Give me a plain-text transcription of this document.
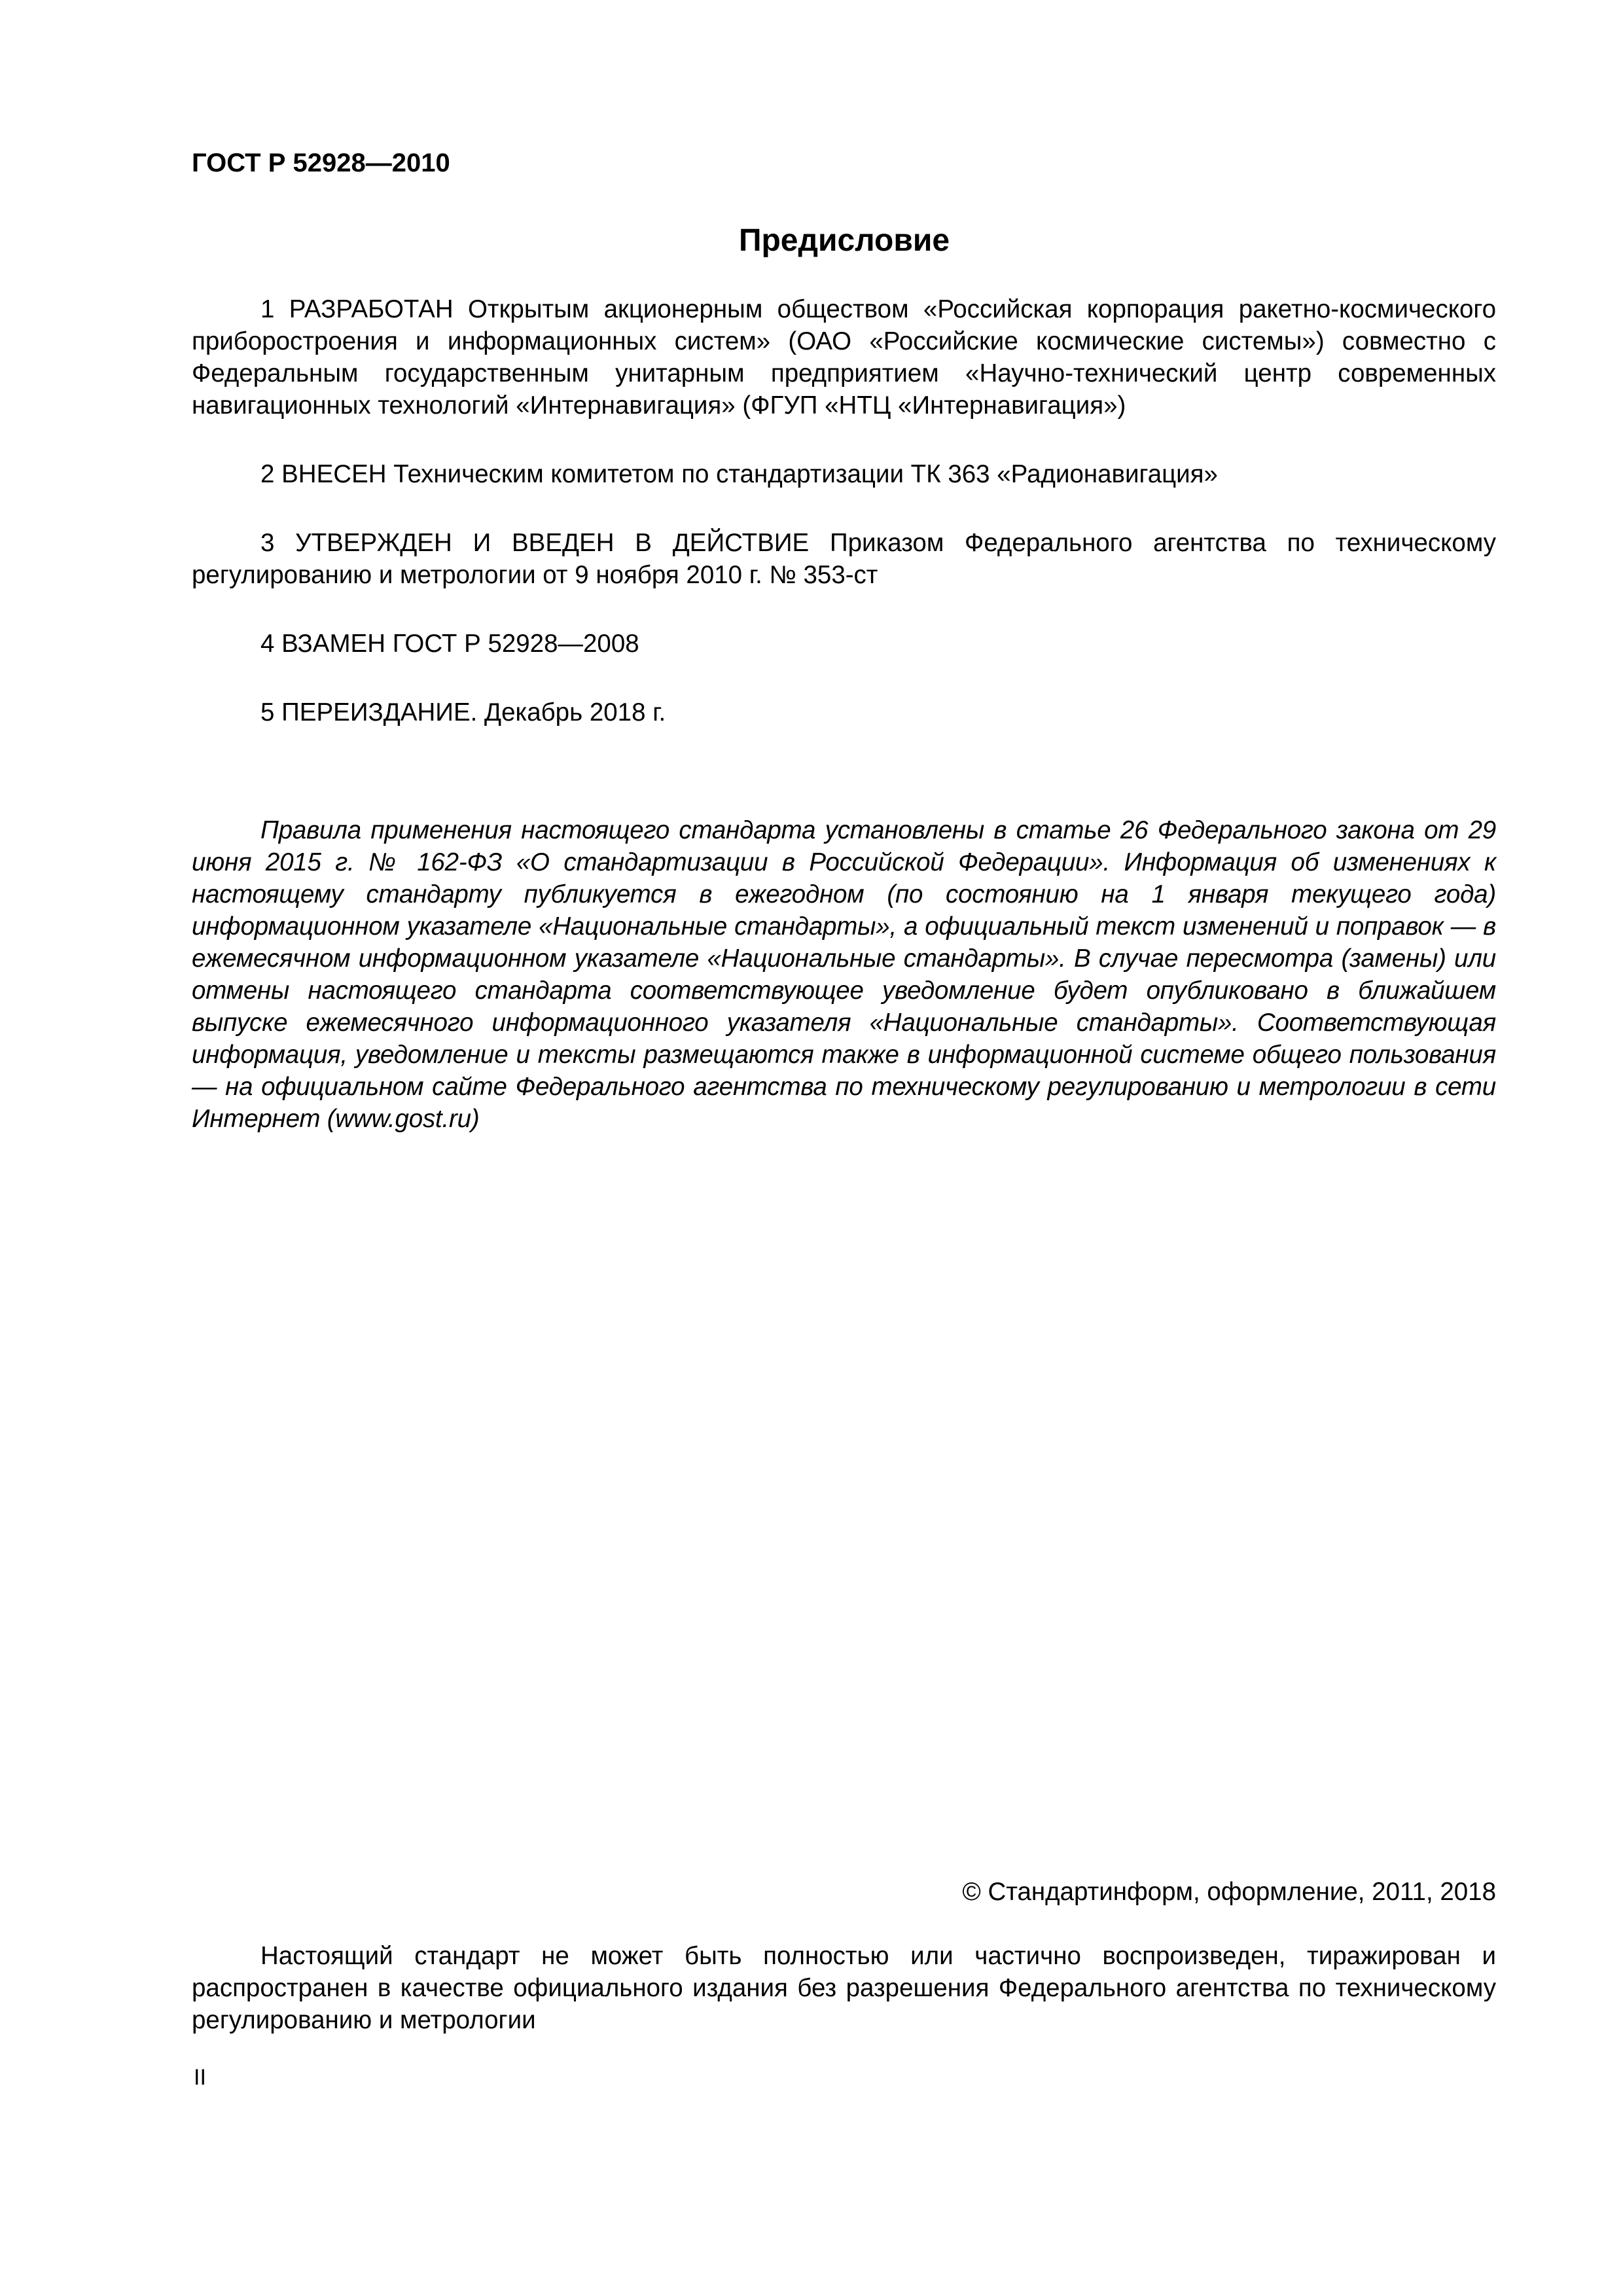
ГОСТ Р 52928—2010
Предисловие

1 РАЗРАБОТАН Открытым акционерным обществом «Российская корпорация ракетно-космического приборостроения и информационных систем» (ОАО «Российские космические системы») совместно с Федеральным государственным унитарным предприятием «Научно-технический центр современных навигационных технологий «Интернавигация» (ФГУП «НТЦ «Интернавигация»)

2 ВНЕСЕН Техническим комитетом по стандартизации ТК 363 «Радионавигация»

3 УТВЕРЖДЕН И ВВЕДЕН В ДЕЙСТВИЕ Приказом Федерального агентства по техническому регулированию и метрологии от 9 ноября 2010 г. № 353-ст

4 ВЗАМЕН ГОСТ Р 52928—2008

5 ПЕРЕИЗДАНИЕ. Декабрь 2018 г.

Правила применения настоящего стандарта установлены в статье 26 Федерального закона от 29 июня 2015 г. № 162-ФЗ «О стандартизации в Российской Федерации». Информация об изменениях к настоящему стандарту публикуется в ежегодном (по состоянию на 1 января текущего года) информационном указателе «Национальные стандарты», а официальный текст изменений и поправок — в ежемесячном информационном указателе «Национальные стандарты». В случае пересмотра (замены) или отмены настоящего стандарта соответствующее уведомление будет опубликовано в ближайшем выпуске ежемесячного информационного указателя «Национальные стандарты». Соответствующая информация, уведомление и тексты размещаются также в информационной системе общего пользования — на официальном сайте Федерального агентства по техническому регулированию и метрологии в сети Интернет (www.gost.ru)

© Стандартинформ, оформление, 2011, 2018

Настоящий стандарт не может быть полностью или частично воспроизведен, тиражирован и распространен в качестве официального издания без разрешения Федерального агентства по техническому регулированию и метрологии

II
